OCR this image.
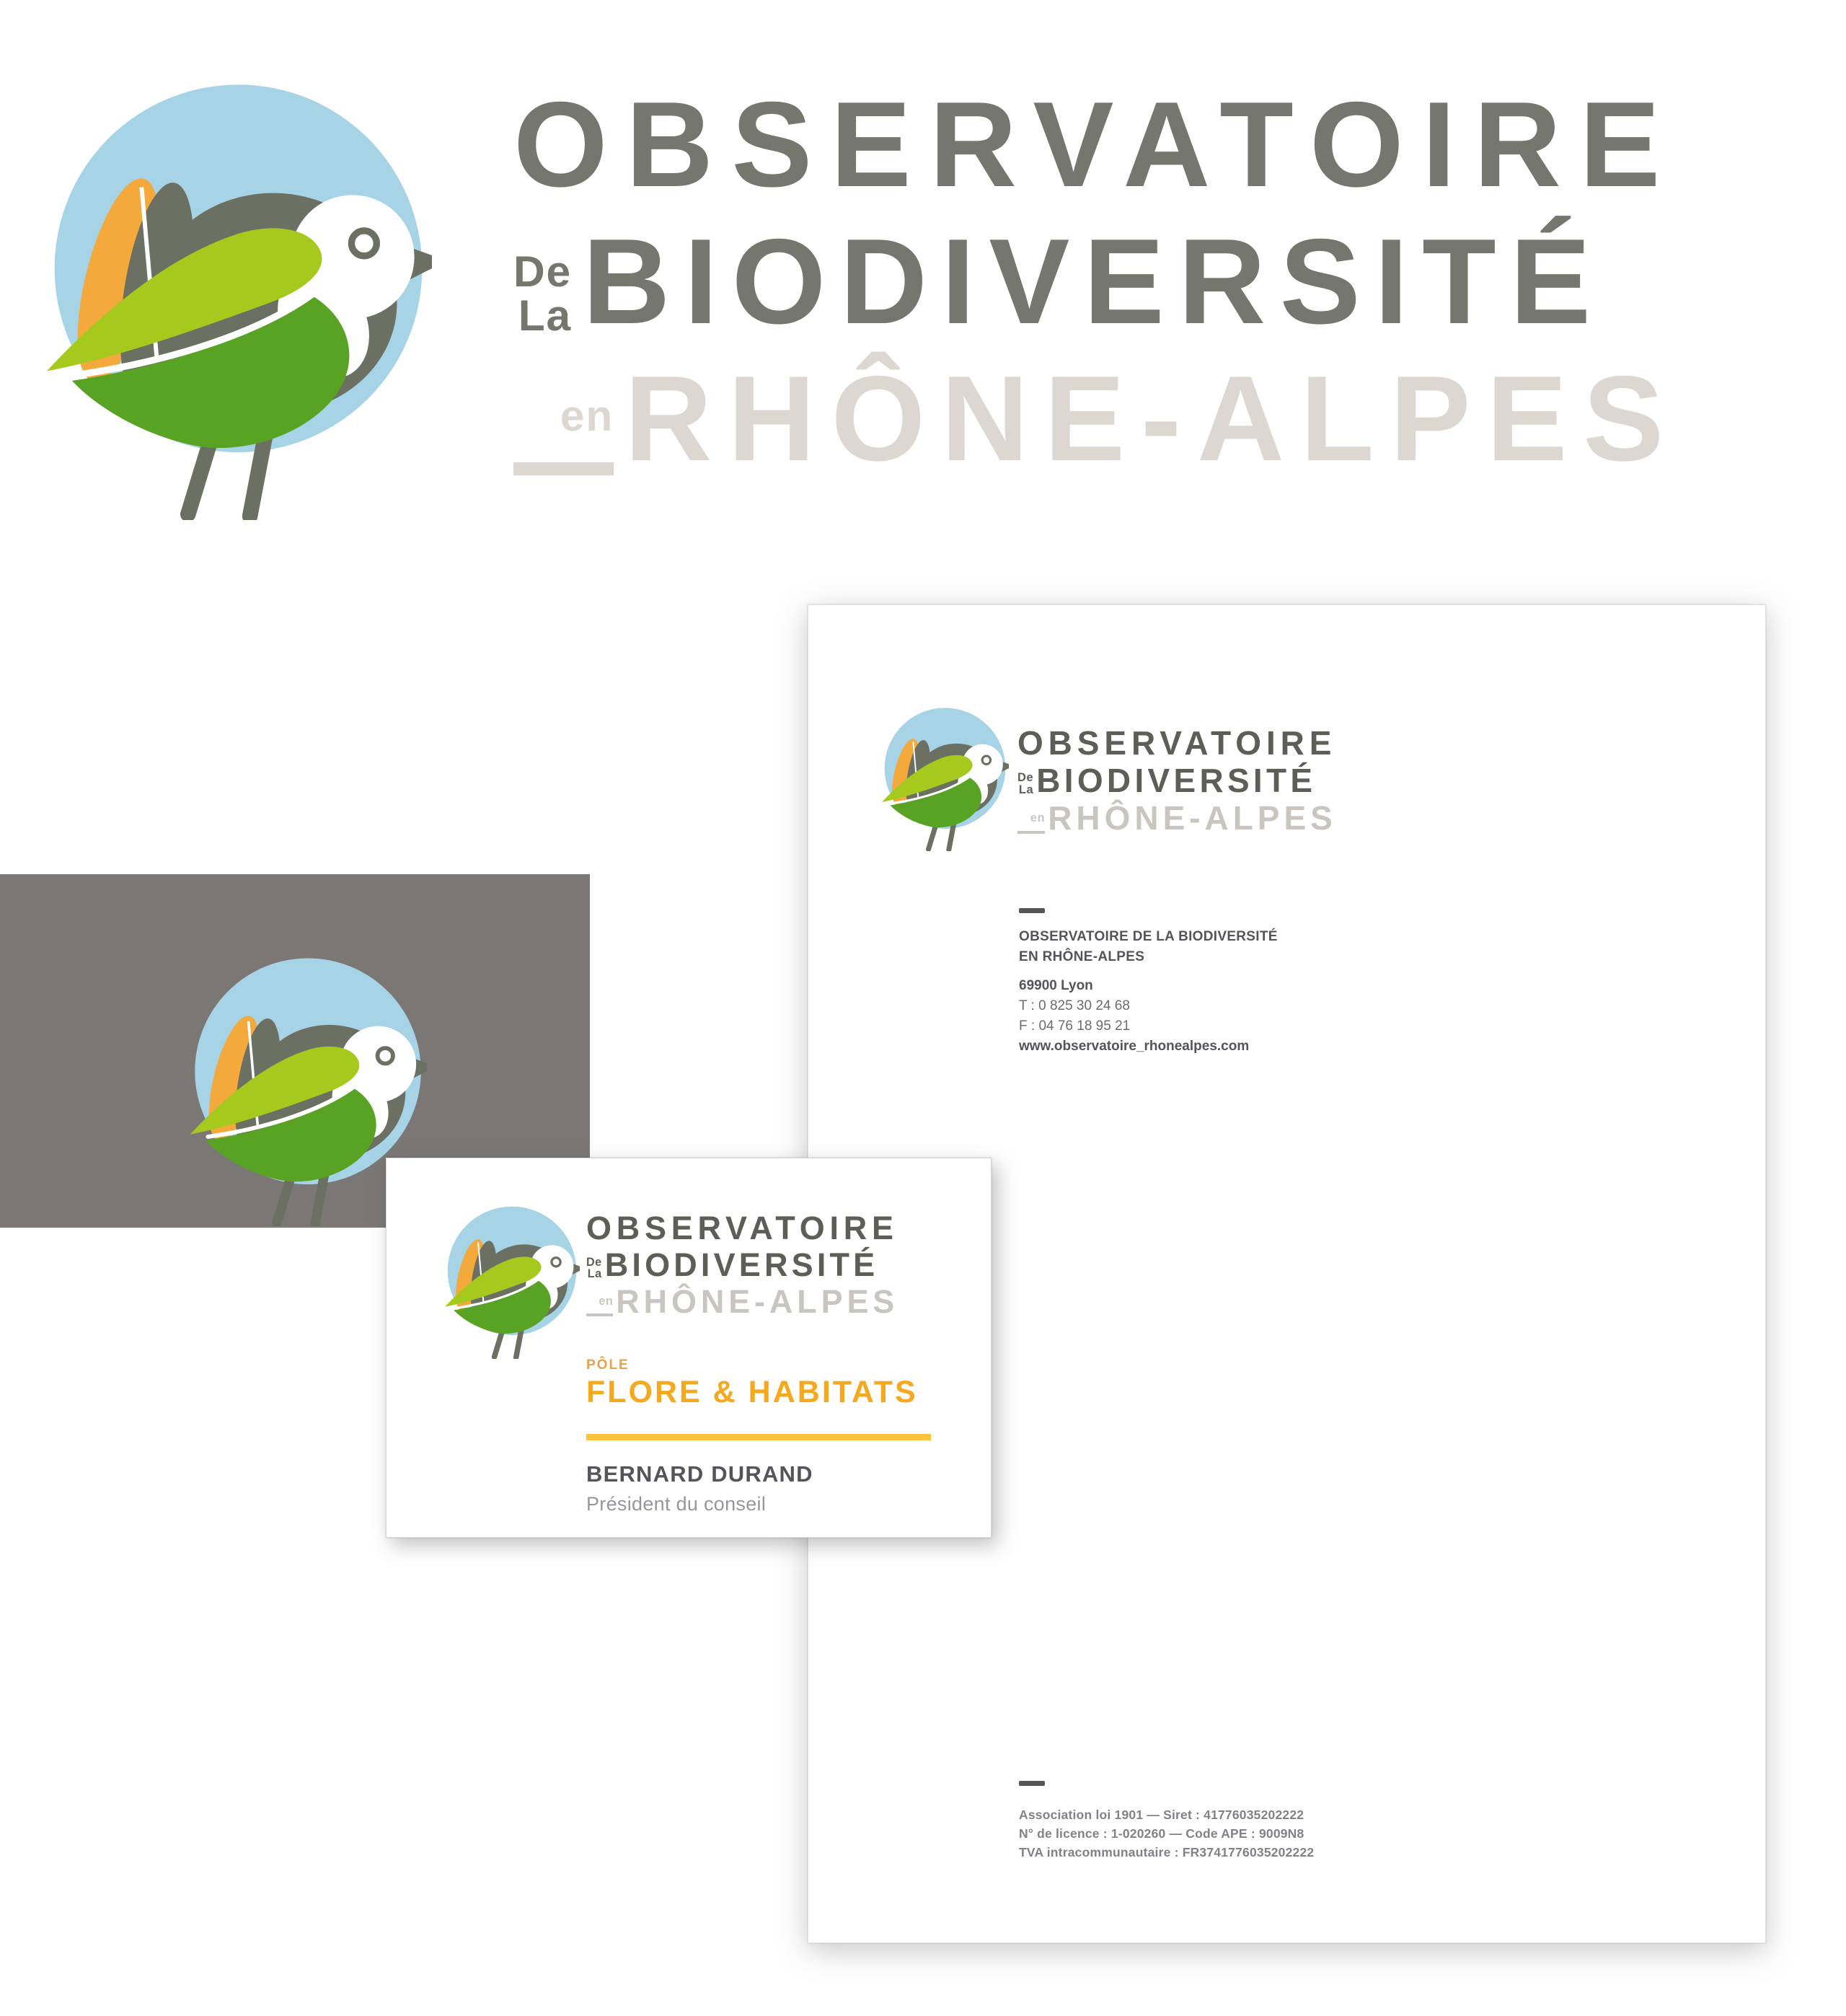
OBSERVATOIRE
De
La BIODIVERSITÉ
en RHÔNE-ALPES
OBSERVATOIRE
De
La BIODIVERSITÉ
en RHÔNE-ALPES
OBSERVATOIRE DE LA BIODIVERSITÉ
EN RHÔNE-ALPES
69900 Lyon
T : 0 825 30 24 68
F : 04 76 18 95 21
www.observatoire_rhonealpes.com
Association loi 1901 — Siret : 41776035202222
N° de licence : 1-020260 — Code APE : 9009N8
TVA intracommunautaire : FR3741776035202222
OBSERVATOIRE
De
La BIODIVERSITÉ
en RHÔNE-ALPES
PÔLE
FLORE & HABITATS
BERNARD DURAND
Président du conseil
